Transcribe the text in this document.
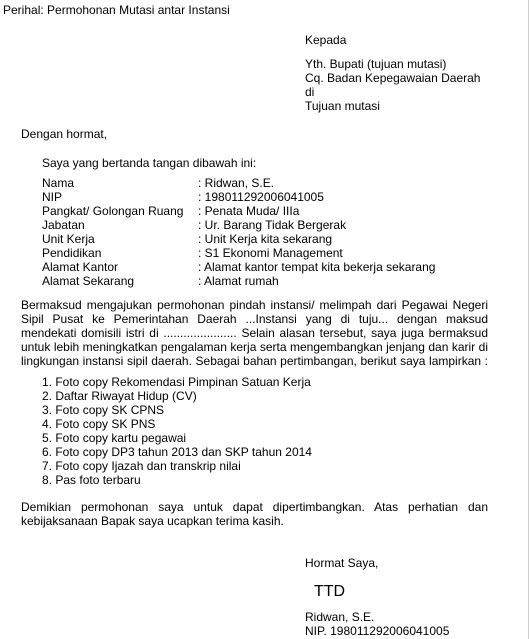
Perihal: Permohonan Mutasi antar Instansi
Kepada
Yth. Bupati (tujuan mutasi)
Cq. Badan Kepegawaian Daerah
di
Tujuan mutasi
Dengan hormat,
Saya yang bertanda tangan dibawah ini:
Nama	: Ridwan, S.E.
NIP	: 198011292006041005
Pangkat/ Golongan Ruang : Penata Muda/ IIIa
Jabatan	: Ur. Barang Tidak Bergerak
Unit Kerja	: Unit Kerja kita sekarang
Pendidikan	: S1 Ekonomi Management
Alamat Kantor	: Alamat kantor tempat kita bekerja sekarang
Alamat Sekarang	: Alamat rumah
Bermaksud mengajukan permohonan pindah instansi/ melimpah dari Pegawai Negeri
Sipil Pusat ke Pemerintahan Daerah ...Instansi yang di tuju... dengan maksud
mendekati domisili istri di ...................... Selain alasan tersebut, saya juga bermaksud
untuk lebih meningkatkan pengalaman kerja serta mengembangkan jenjang dan karir di
lingkungan instansi sipil daerah. Sebagai bahan pertimbangan, berikut saya lampirkan :
1. Foto copy Rekomendasi Pimpinan Satuan Kerja
2. Daftar Riwayat Hidup (CV)
3. Foto copy SK CPNS
4. Foto copy SK PNS
5. Foto copy kartu pegawai
6. Foto copy DP3 tahun 2013 dan SKP tahun 2014
7. Foto copy Ijazah dan transkrip nilai
8. Pas foto terbaru
Demikian permohonan saya untuk dapat dipertimbangkan. Atas perhatian dan
kebijaksanaan Bapak saya ucapkan terima kasih.
Hormat Saya,
TTD
Ridwan, S.E.
NIP. 198011292006041005
